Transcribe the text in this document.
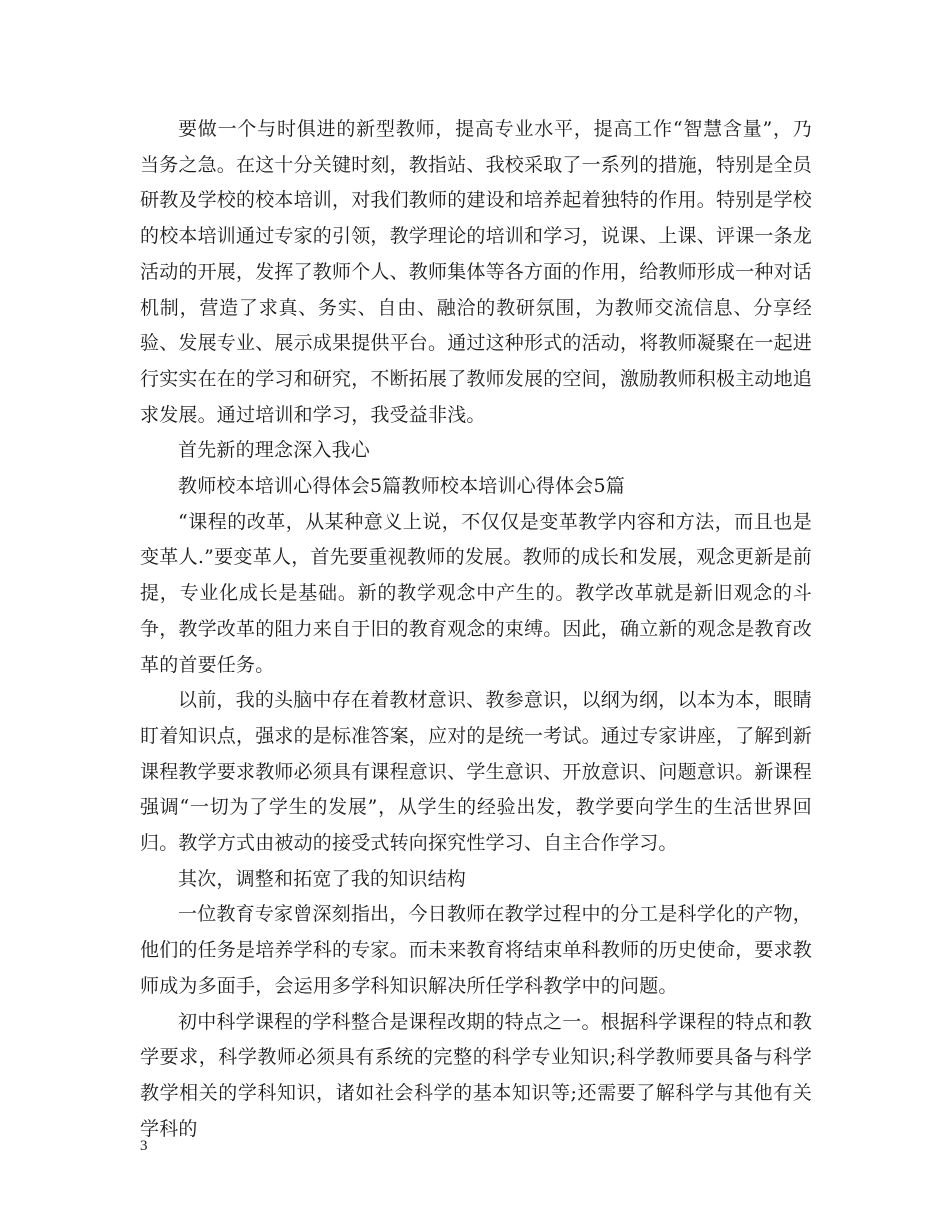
要做一个与时俱进的新型教师，提高专业水平，提高工作“智慧含量”，乃当务之急。在这十分关键时刻，教指站、我校采取了一系列的措施，特别是全员研教及学校的校本培训，对我们教师的建设和培养起着独特的作用。特别是学校的校本培训通过专家的引领，教学理论的培训和学习，说课、上课、评课一条龙活动的开展，发挥了教师个人、教师集体等各方面的作用，给教师形成一种对话机制，营造了求真、务实、自由、融洽的教研氛围，为教师交流信息、分享经验、发展专业、展示成果提供平台。通过这种形式的活动，将教师凝聚在一起进行实实在在的学习和研究，不断拓展了教师发展的空间，激励教师积极主动地追求发展。通过培训和学习，我受益非浅。

首先新的理念深入我心

教师校本培训心得体会5篇教师校本培训心得体会5篇

“课程的改革，从某种意义上说，不仅仅是变革教学内容和方法，而且也是变革人.”要变革人，首先要重视教师的发展。教师的成长和发展，观念更新是前提，专业化成长是基础。新的教学观念中产生的。教学改革就是新旧观念的斗争，教学改革的阻力来自于旧的教育观念的束缚。因此，确立新的观念是教育改革的首要任务。

以前，我的头脑中存在着教材意识、教参意识，以纲为纲，以本为本，眼睛盯着知识点，强求的是标准答案，应对的是统一考试。通过专家讲座，了解到新课程教学要求教师必须具有课程意识、学生意识、开放意识、问题意识。新课程强调“一切为了学生的发展”，从学生的经验出发，教学要向学生的生活世界回归。教学方式由被动的接受式转向探究性学习、自主合作学习。

其次，调整和拓宽了我的知识结构

一位教育专家曾深刻指出，今日教师在教学过程中的分工是科学化的产物，他们的任务是培养学科的专家。而未来教育将结束单科教师的历史使命，要求教师成为多面手，会运用多学科知识解决所任学科教学中的问题。

初中科学课程的学科整合是课程改期的特点之一。根据科学课程的特点和教学要求，科学教师必须具有系统的完整的科学专业知识;科学教师要具备与科学教学相关的学科知识，诸如社会科学的基本知识等;还需要了解科学与其他有关学科的

3
